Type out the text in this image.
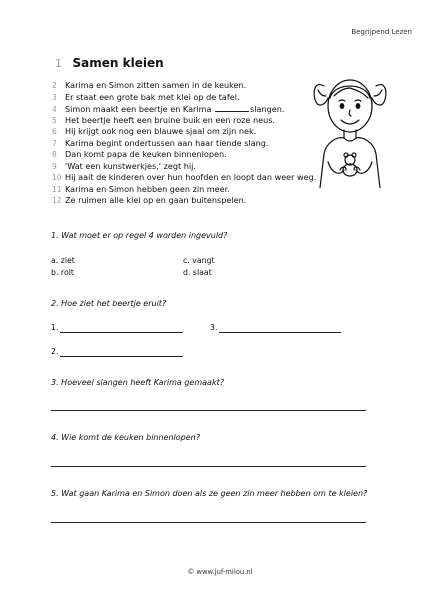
Begrijpend Lezen
1 Samen kleien
2 Karima en Simon zitten samen in de keuken.
3 Er staat een grote bak met klei op de tafel.
4 Simon maakt een beertje en Karima	slangen.
5 Het beertje heeft een bruine buik en een roze neus.
6 Hij krijgt ook nog een blauwe sjaal om zijn nek.
7 Karima begint ondertussen aan haar tiende slang.
8 Dan komt papa de keuken binnenlopen.
9 'Wat een kunstwerkjes,' zegt hij.
10 Hij aait de kinderen over hun hoofden en loopt dan weer weg.
11 Karima en Simon hebben geen zin meer.
12 Ze ruimen alle klei op en gaan buitenspelen.
1. Wat moet er op regel 4 worden ingevuld?
a. ziet
b. rolt
c. vangt
d. slaat
2. Hoe ziet het beertje eruit?
1.	3.
2.
3. Hoeveel slangen heeft Karima gemaakt?
4. Wie komt de keuken binnenlopen?
5. Wat gaan Karima en Simon doen als ze geen zin meer hebben om te kleien?
© www.juf-milou.nl
